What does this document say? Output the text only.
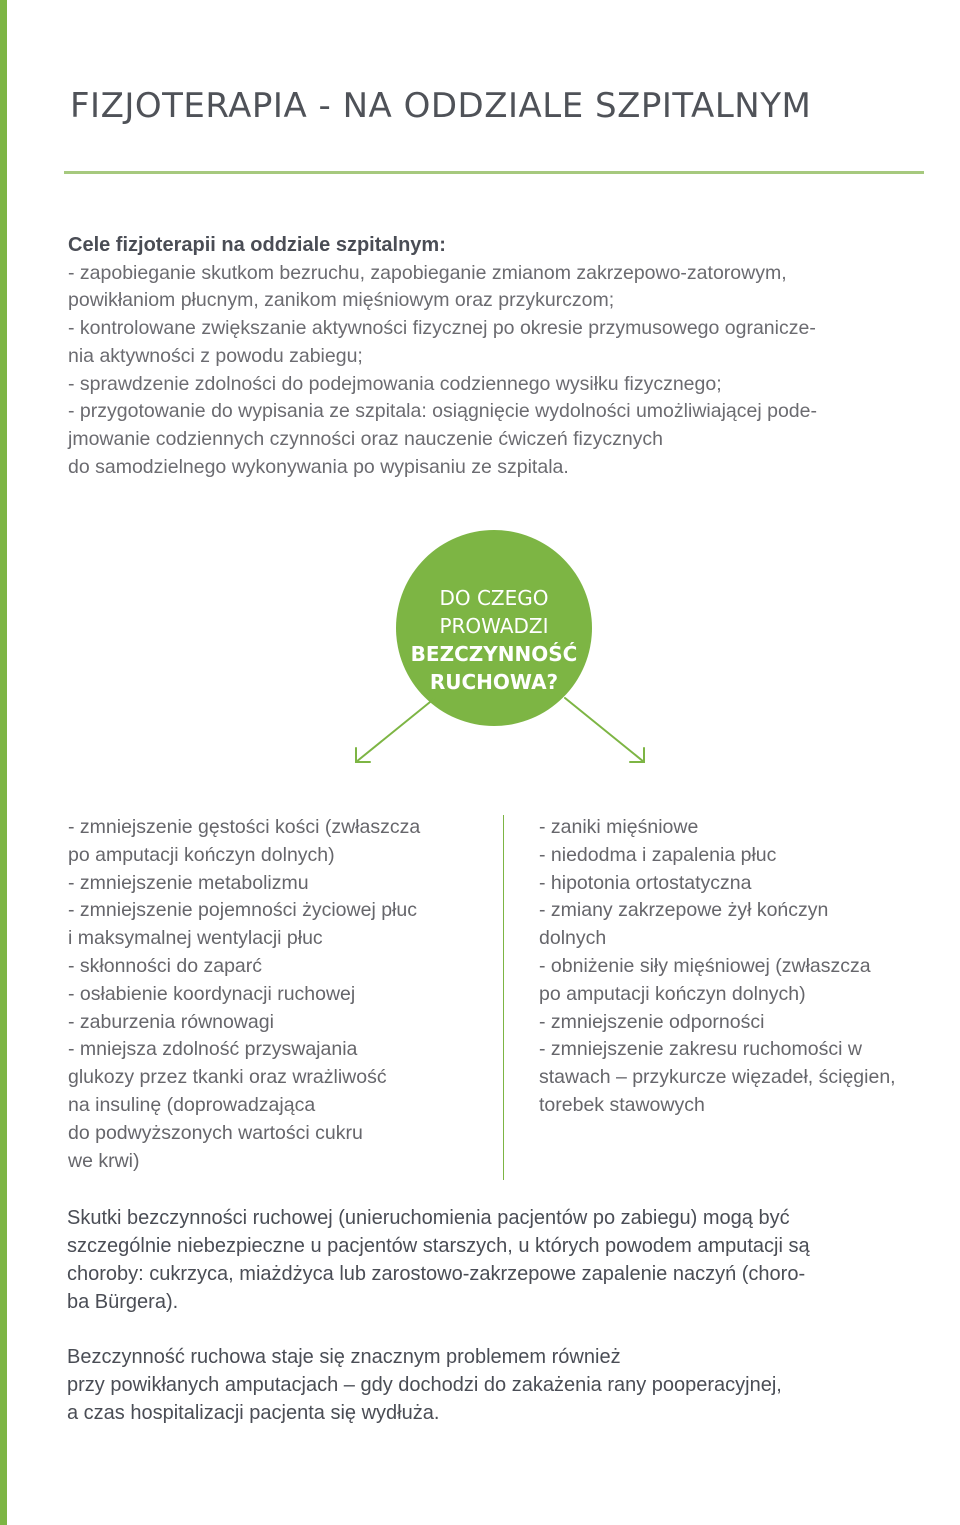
FIZJOTERAPIA - NA ODDZIALE SZPITALNYM
Cele fizjoterapii na oddziale szpitalnym:
- zapobieganie skutkom bezruchu, zapobieganie zmianom zakrzepowo-zatorowym,
powikłaniom płucnym, zanikom mięśniowym oraz przykurczom;
- kontrolowane zwiększanie aktywności fizycznej po okresie przymusowego ogranicze-
nia aktywności z powodu zabiegu;
- sprawdzenie zdolności do podejmowania codziennego wysiłku fizycznego;
- przygotowanie do wypisania ze szpitala: osiągnięcie wydolności umożliwiającej pode-
jmowanie codziennych czynności oraz nauczenie ćwiczeń fizycznych
do samodzielnego wykonywania po wypisaniu ze szpitala.
DO CZEGO
PROWADZI
BEZCZYNNOŚĆ
RUCHOWA?
- zmniejszenie gęstości kości (zwłaszcza
po amputacji kończyn dolnych)
- zmniejszenie metabolizmu
- zmniejszenie pojemności życiowej płuc
i maksymalnej wentylacji płuc
- skłonności do zaparć
- osłabienie koordynacji ruchowej
- zaburzenia równowagi
- mniejsza zdolność przyswajania
glukozy przez tkanki oraz wrażliwość
na insulinę (doprowadzająca
do podwyższonych wartości cukru
we krwi)
- zaniki mięśniowe
- niedodma i zapalenia płuc
- hipotonia ortostatyczna
- zmiany zakrzepowe żył kończyn
dolnych
- obniżenie siły mięśniowej (zwłaszcza
po amputacji kończyn dolnych)
- zmniejszenie odporności
- zmniejszenie zakresu ruchomości w
stawach – przykurcze więzadeł, ścięgien,
torebek stawowych
Skutki bezczynności ruchowej (unieruchomienia pacjentów po zabiegu) mogą być
szczególnie niebezpieczne u pacjentów starszych, u których powodem amputacji są
choroby: cukrzyca, miażdżyca lub zarostowo-zakrzepowe zapalenie naczyń (choro-
ba Bürgera).
Bezczynność ruchowa staje się znacznym problemem również
przy powikłanych amputacjach – gdy dochodzi do zakażenia rany pooperacyjnej,
a czas hospitalizacji pacjenta się wydłuża.
